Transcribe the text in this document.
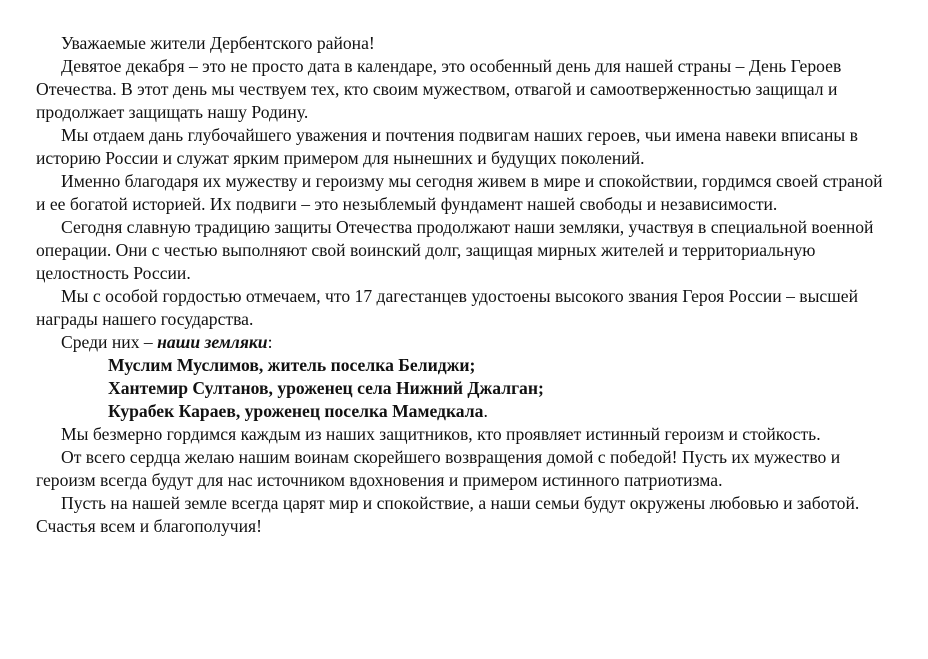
Уважаемые жители Дербентского района!

Девятое декабря – это не просто дата в календаре, это особенный день для нашей страны – День Героев Отечества. В этот день мы чествуем тех, кто своим мужеством, отвагой и самоотверженностью защищал и продолжает защищать нашу Родину.

Мы отдаем дань глубочайшего уважения и почтения подвигам наших героев, чьи имена навеки вписаны в историю России и служат ярким примером для нынешних и будущих поколений.

Именно благодаря их мужеству и героизму мы сегодня живем в мире и спокойствии, гордимся своей страной и ее богатой историей. Их подвиги – это незыблемый фундамент нашей свободы и независимости.

Сегодня славную традицию защиты Отечества продолжают наши земляки, участвуя в специальной военной операции. Они с честью выполняют свой воинский долг, защищая мирных жителей и территориальную целостность России.

Мы с особой гордостью отмечаем, что 17 дагестанцев удостоены высокого звания Героя России – высшей награды нашего государства.

Среди них – наши земляки:

Муслим Муслимов, житель поселка Белиджи;

Хантемир Султанов, уроженец села Нижний Джалган;

Курабек Караев, уроженец поселка Мамедкала.

Мы безмерно гордимся каждым из наших защитников, кто проявляет истинный героизм и стойкость.

От всего сердца желаю нашим воинам скорейшего возвращения домой с победой! Пусть их мужество и героизм всегда будут для нас источником вдохновения и примером истинного патриотизма.

Пусть на нашей земле всегда царят мир и спокойствие, а наши семьи будут окружены любовью и заботой. Счастья всем и благополучия!
